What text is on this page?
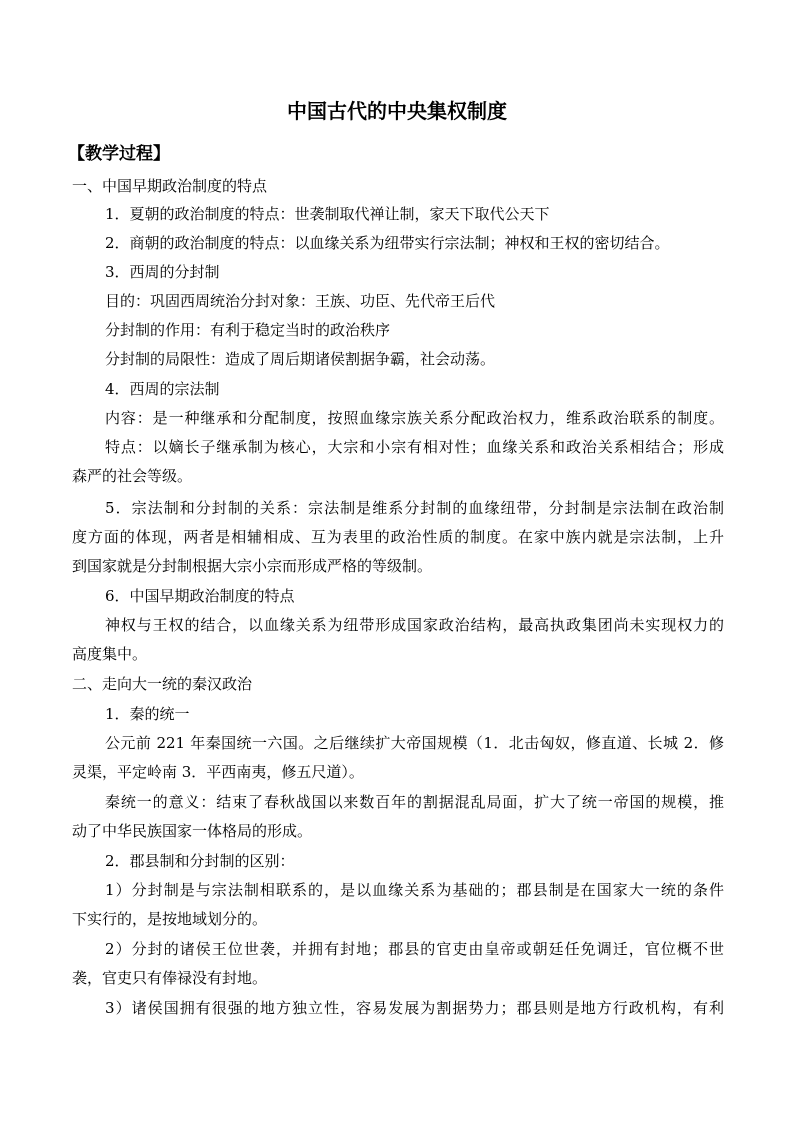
中国古代的中央集权制度

【教学过程】

一、中国早期政治制度的特点

1．夏朝的政治制度的特点：世袭制取代禅让制，家天下取代公天下

2．商朝的政治制度的特点：以血缘关系为纽带实行宗法制；神权和王权的密切结合。

3．西周的分封制

目的：巩固西周统治分封对象：王族、功臣、先代帝王后代

分封制的作用：有利于稳定当时的政治秩序

分封制的局限性：造成了周后期诸侯割据争霸，社会动荡。

4．西周的宗法制

内容：是一种继承和分配制度，按照血缘宗族关系分配政治权力，维系政治联系的制度。

特点：以嫡长子继承制为核心，大宗和小宗有相对性；血缘关系和政治关系相结合；形成

森严的社会等级。

5．宗法制和分封制的关系：宗法制是维系分封制的血缘纽带，分封制是宗法制在政治制

度方面的体现，两者是相辅相成、互为表里的政治性质的制度。在家中族内就是宗法制，上升

到国家就是分封制根据大宗小宗而形成严格的等级制。

6．中国早期政治制度的特点

神权与王权的结合，以血缘关系为纽带形成国家政治结构，最高执政集团尚未实现权力的

高度集中。

二、走向大一统的秦汉政治

1．秦的统一

公元前 221 年秦国统一六国。之后继续扩大帝国规模（1．北击匈奴，修直道、长城 2．修

灵渠，平定岭南 3．平西南夷，修五尺道）。

秦统一的意义：结束了春秋战国以来数百年的割据混乱局面，扩大了统一帝国的规模，推

动了中华民族国家一体格局的形成。

2．郡县制和分封制的区别：

1）分封制是与宗法制相联系的，是以血缘关系为基础的；郡县制是在国家大一统的条件

下实行的，是按地域划分的。

2）分封的诸侯王位世袭，并拥有封地；郡县的官吏由皇帝或朝廷任免调迁，官位概不世

袭，官吏只有俸禄没有封地。

3）诸侯国拥有很强的地方独立性，容易发展为割据势力；郡县则是地方行政机构，有利
